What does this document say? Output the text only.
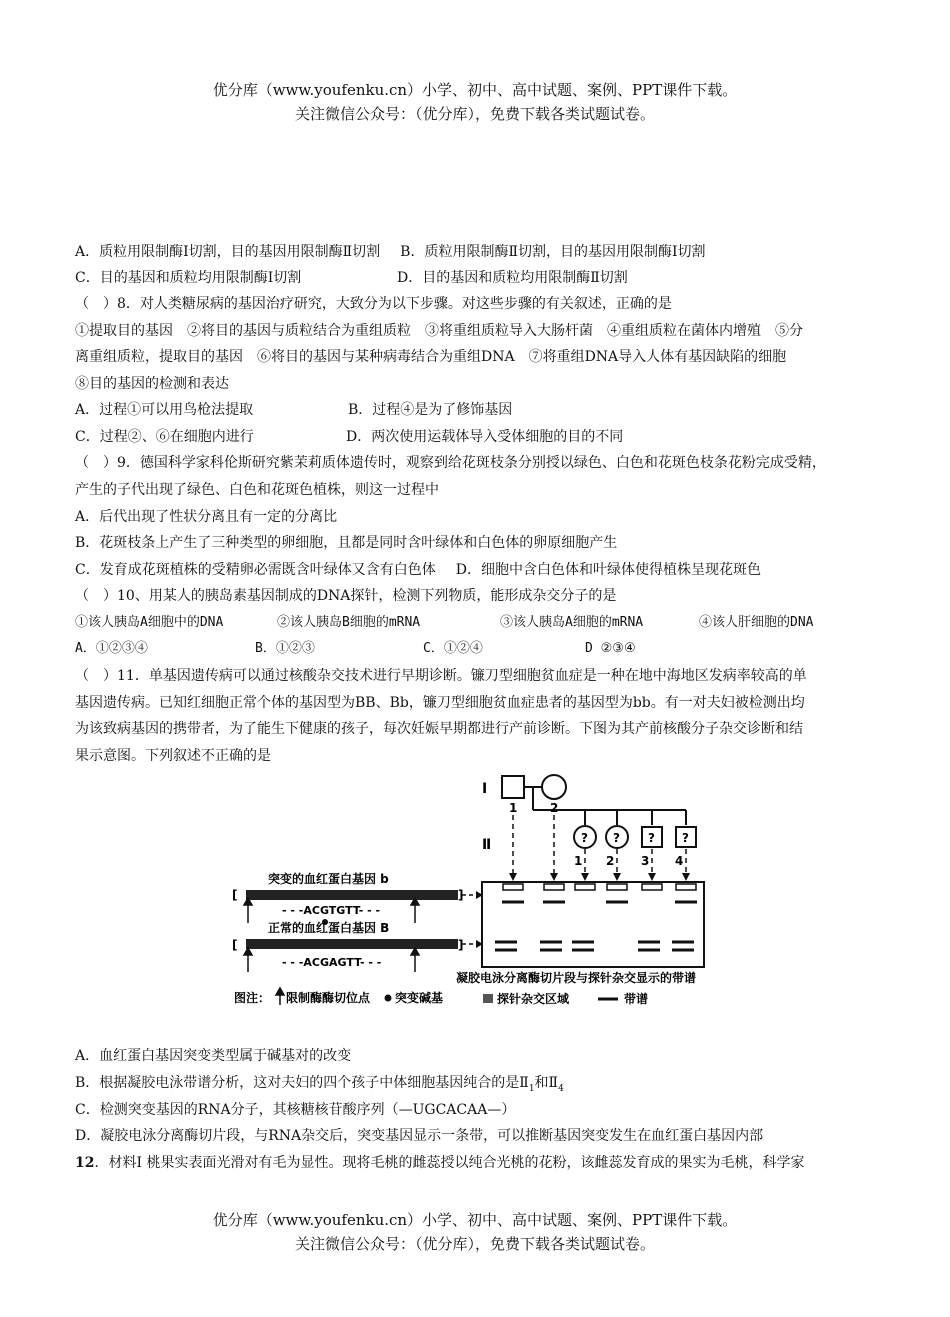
优分库（www.youfenku.cn）小学、初中、高中试题、案例、PPT课件下载。
关注微信公众号：（优分库），免费下载各类试题试卷。
A．质粒用限制酶Ⅰ切割，目的基因用限制酶Ⅱ切割 B．质粒用限制酶Ⅱ切割，目的基因用限制酶Ⅰ切割
C．目的基因和质粒均用限制酶Ⅰ切割	D．目的基因和质粒均用限制酶Ⅱ切割
（　）8．对人类糖尿病的基因治疗研究，大致分为以下步骤。对这些步骤的有关叙述，正确的是
①提取目的基因　②将目的基因与质粒结合为重组质粒　③将重组质粒导入大肠杆菌　④重组质粒在菌体内增殖　⑤分
离重组质粒，提取目的基因　⑥将目的基因与某种病毒结合为重组DNA　⑦将重组DNA导入人体有基因缺陷的细胞
⑧目的基因的检测和表达
A．过程①可以用鸟枪法提取	B．过程④是为了修饰基因
C．过程②、⑥在细胞内进行	D．两次使用运载体导入受体细胞的目的不同
（　）9．德国科学家科伦斯研究紫茉莉质体遗传时，观察到给花斑枝条分别授以绿色、白色和花斑色枝条花粉完成受精，
产生的子代出现了绿色、白色和花斑色植株，则这一过程中
A．后代出现了性状分离且有一定的分离比
B．花斑枝条上产生了三种类型的卵细胞，且都是同时含叶绿体和白色体的卵原细胞产生
C．发育成花斑植株的受精卵必需既含叶绿体又含有白色体 D．细胞中含白色体和叶绿体使得植株呈现花斑色
（　）10、用某人的胰岛素基因制成的DNA探针，检测下列物质，能形成杂交分子的是
①该人胰岛A细胞中的DNA	②该人胰岛B细胞的mRNA	③该人胰岛A细胞的mRNA	④该人肝细胞的DNA
A．①②③④	B．①②③	C．①②④	D ②③④
（　）11．单基因遗传病可以通过核酸杂交技术进行早期诊断。镰刀型细胞贫血症是一种在地中海地区发病率较高的单
基因遗传病。已知红细胞正常个体的基因型为BB、Bb，镰刀型细胞贫血症患者的基因型为bb。有一对夫妇被检测出均
为该致病基因的携带者，为了能生下健康的孩子，每次妊娠早期都进行产前诊断。下图为其产前核酸分子杂交诊断和结
果示意图。下列叙述不正确的是
Ⅰ
1	2
Ⅱ	? ? ? ?
1 2 3 4
凝胶电泳分离酶切片段与探针杂交显示的带谱
探针杂交区域	带谱
突变的血红蛋白基因 b
[	]
- - -ACGTGTT- - -
正常的血红蛋白基因 B
[	]
- - -ACGAGTT- - -
图注： 限制酶酶切位点 突变碱基
A．血红蛋白基因突变类型属于碱基对的改变
B．根据凝胶电泳带谱分析，这对夫妇的四个孩子中体细胞基因纯合的是$Ⅱ_1$和$Ⅱ_4$
C．检测突变基因的RNA分子，其核糖核苷酸序列（—UGCACAA—）
D．凝胶电泳分离酶切片段，与RNA杂交后，突变基因显示一条带，可以推断基因突变发生在血红蛋白基因内部
12．材料Ⅰ 桃果实表面光滑对有毛为显性。现将毛桃的雌蕊授以纯合光桃的花粉，该雌蕊发育成的果实为毛桃，科学家
优分库（www.youfenku.cn）小学、初中、高中试题、案例、PPT课件下载。
关注微信公众号：（优分库），免费下载各类试题试卷。
